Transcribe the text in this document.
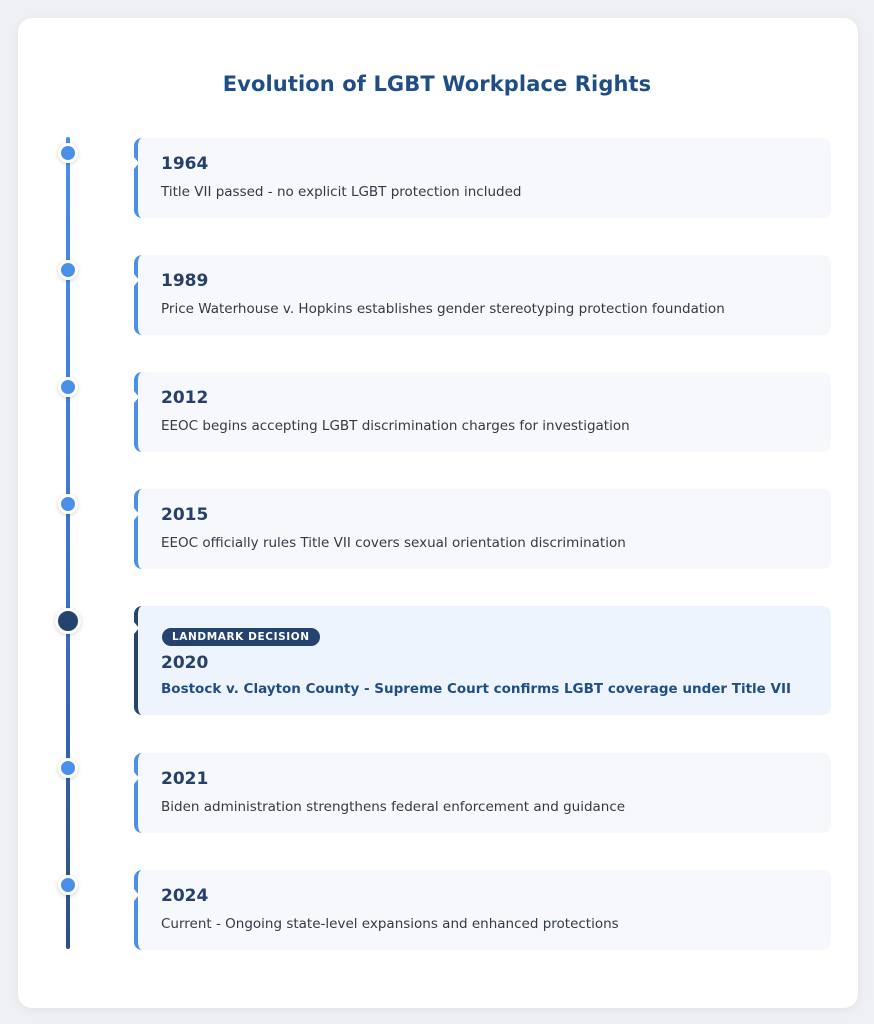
Evolution of LGBT Workplace Rights
1964
Title VII passed - no explicit LGBT protection included
1989
Price Waterhouse v. Hopkins establishes gender stereotyping protection foundation
2012
EEOC begins accepting LGBT discrimination charges for investigation
2015
EEOC officially rules Title VII covers sexual orientation discrimination
LANDMARK DECISION
2020
Bostock v. Clayton County - Supreme Court confirms LGBT coverage under Title VII
2021
Biden administration strengthens federal enforcement and guidance
2024
Current - Ongoing state-level expansions and enhanced protections
